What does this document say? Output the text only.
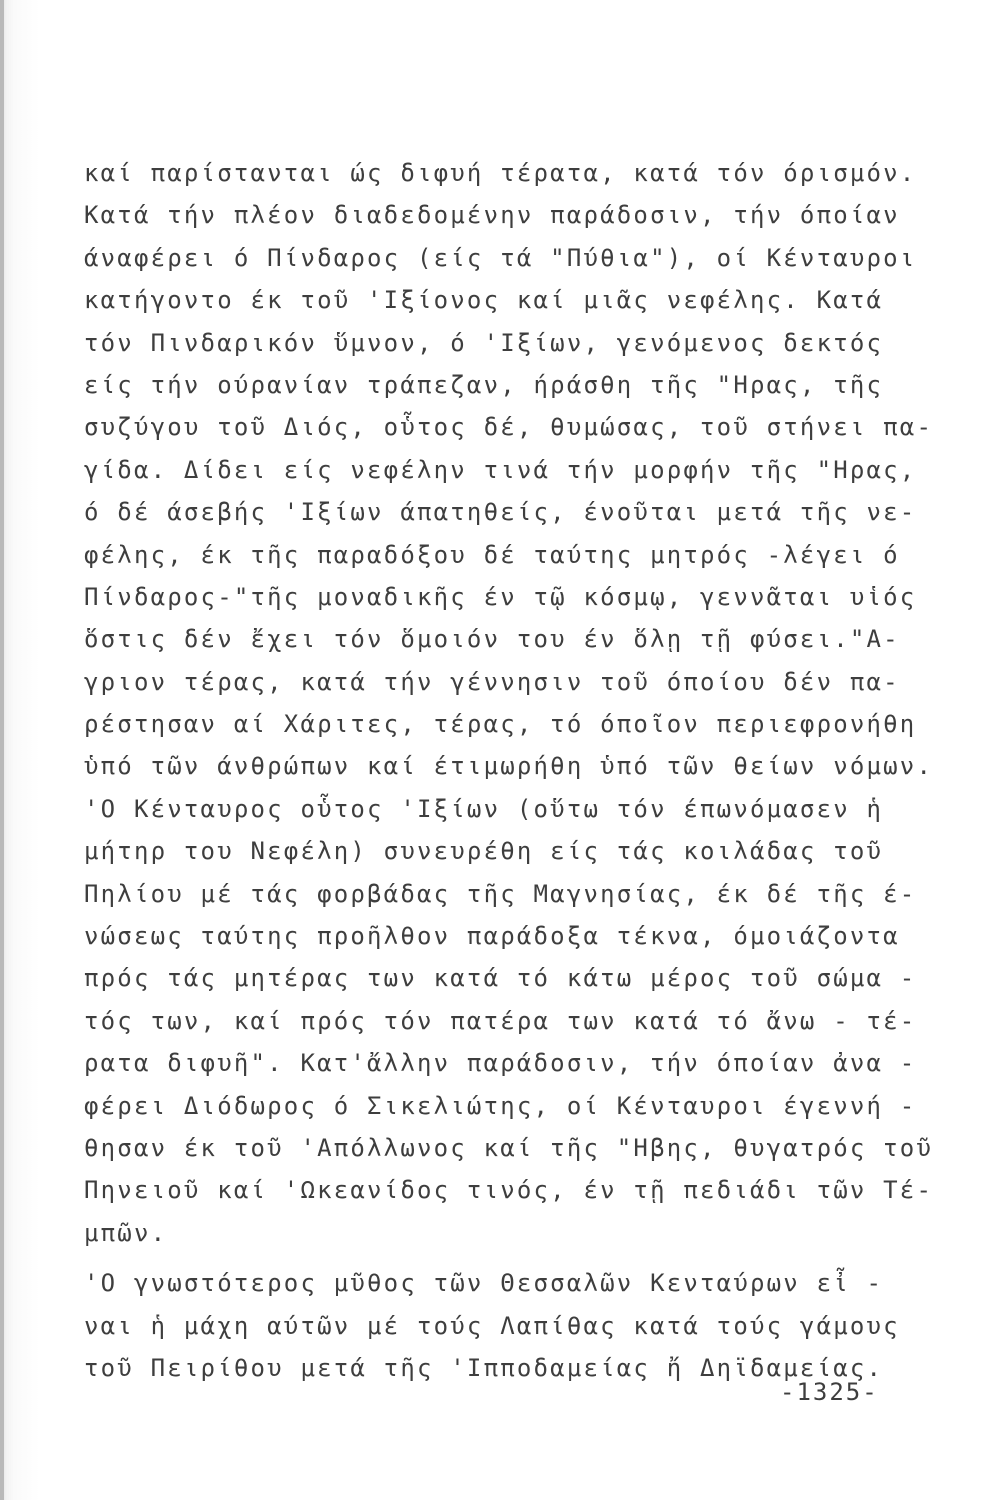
καί παρίστανται ώς διφυή τέρατα, κατά τόν όρισμόν.
Κατά τήν πλέον διαδεδομένην παράδοσιν, τήν όποίαν
άναφέρει ό Πίνδαρος (είς τά "Πύθια"), οί Κένταυροι
κατήγοντο έκ τοῦ 'Ιξίονος καί μιᾶς νεφέλης. Κατά
τόν Πινδαρικόν ὕμνον, ό 'Ιξίων, γενόμενος δεκτός
είς τήν ούρανίαν τράπεζαν, ήράσθη τῆς "Ηρας, τῆς
συζύγου τοῦ Διός, οὗτος δέ, θυμώσας, τοῦ στήνει πα-
γίδα. Δίδει είς νεφέλην τινά τήν μορφήν τῆς "Ηρας,
ό δέ άσεβής 'Ιξίων άπατηθείς, ένοῦται μετά τῆς νε-
φέλης, έκ τῆς παραδόξου δέ ταύτης μητρός -λέγει ό
Πίνδαρος-"τῆς μοναδικῆς έν τῷ κόσμῳ, γεννᾶται υἱός
ὅστις δέν ἔχει τόν ὅμοιόν του έν ὅλῃ τῇ φύσει."Α-
γριον τέρας, κατά τήν γέννησιν τοῦ όποίου δέν πα-
ρέστησαν αί Χάριτες, τέρας, τό όποῖον περιεφρονήθη
ὑπό τῶν άνθρώπων καί έτιμωρήθη ὑπό τῶν θείων νόμων.
'Ο Κένταυρος οὗτος 'Ιξίων (οὕτω τόν έπωνόμασεν ἡ
μήτηρ του Νεφέλη) συνευρέθη είς τάς κοιλάδας τοῦ
Πηλίου μέ τάς φορβάδας τῆς Μαγνησίας, έκ δέ τῆς έ-
νώσεως ταύτης προῆλθον παράδοξα τέκνα, όμοιάζοντα
πρός τάς μητέρας των κατά τό κάτω μέρος τοῦ σώμα -
τός των, καί πρός τόν πατέρα των κατά τό ἄνω - τέ-
ρατα διφυῆ". Κατ'ἄλλην παράδοσιν, τήν όποίαν ἀνα -
φέρει Διόδωρος ό Σικελιώτης, οί Κένταυροι έγεννή -
θησαν έκ τοῦ 'Απόλλωνος καί τῆς "Ηβης, θυγατρός τοῦ
Πηνειοῦ καί 'Ωκεανίδος τινός, έν τῇ πεδιάδι τῶν Τέ-
μπῶν.
'Ο γνωστότερος μῦθος τῶν Θεσσαλῶν Κενταύρων εἶ -
ναι ἡ μάχη αύτῶν μέ τούς Λαπίθας κατά τούς γάμους
τοῦ Πειρίθου μετά τῆς 'Ιπποδαμείας ἤ Δηϊδαμείας.
-1325-
